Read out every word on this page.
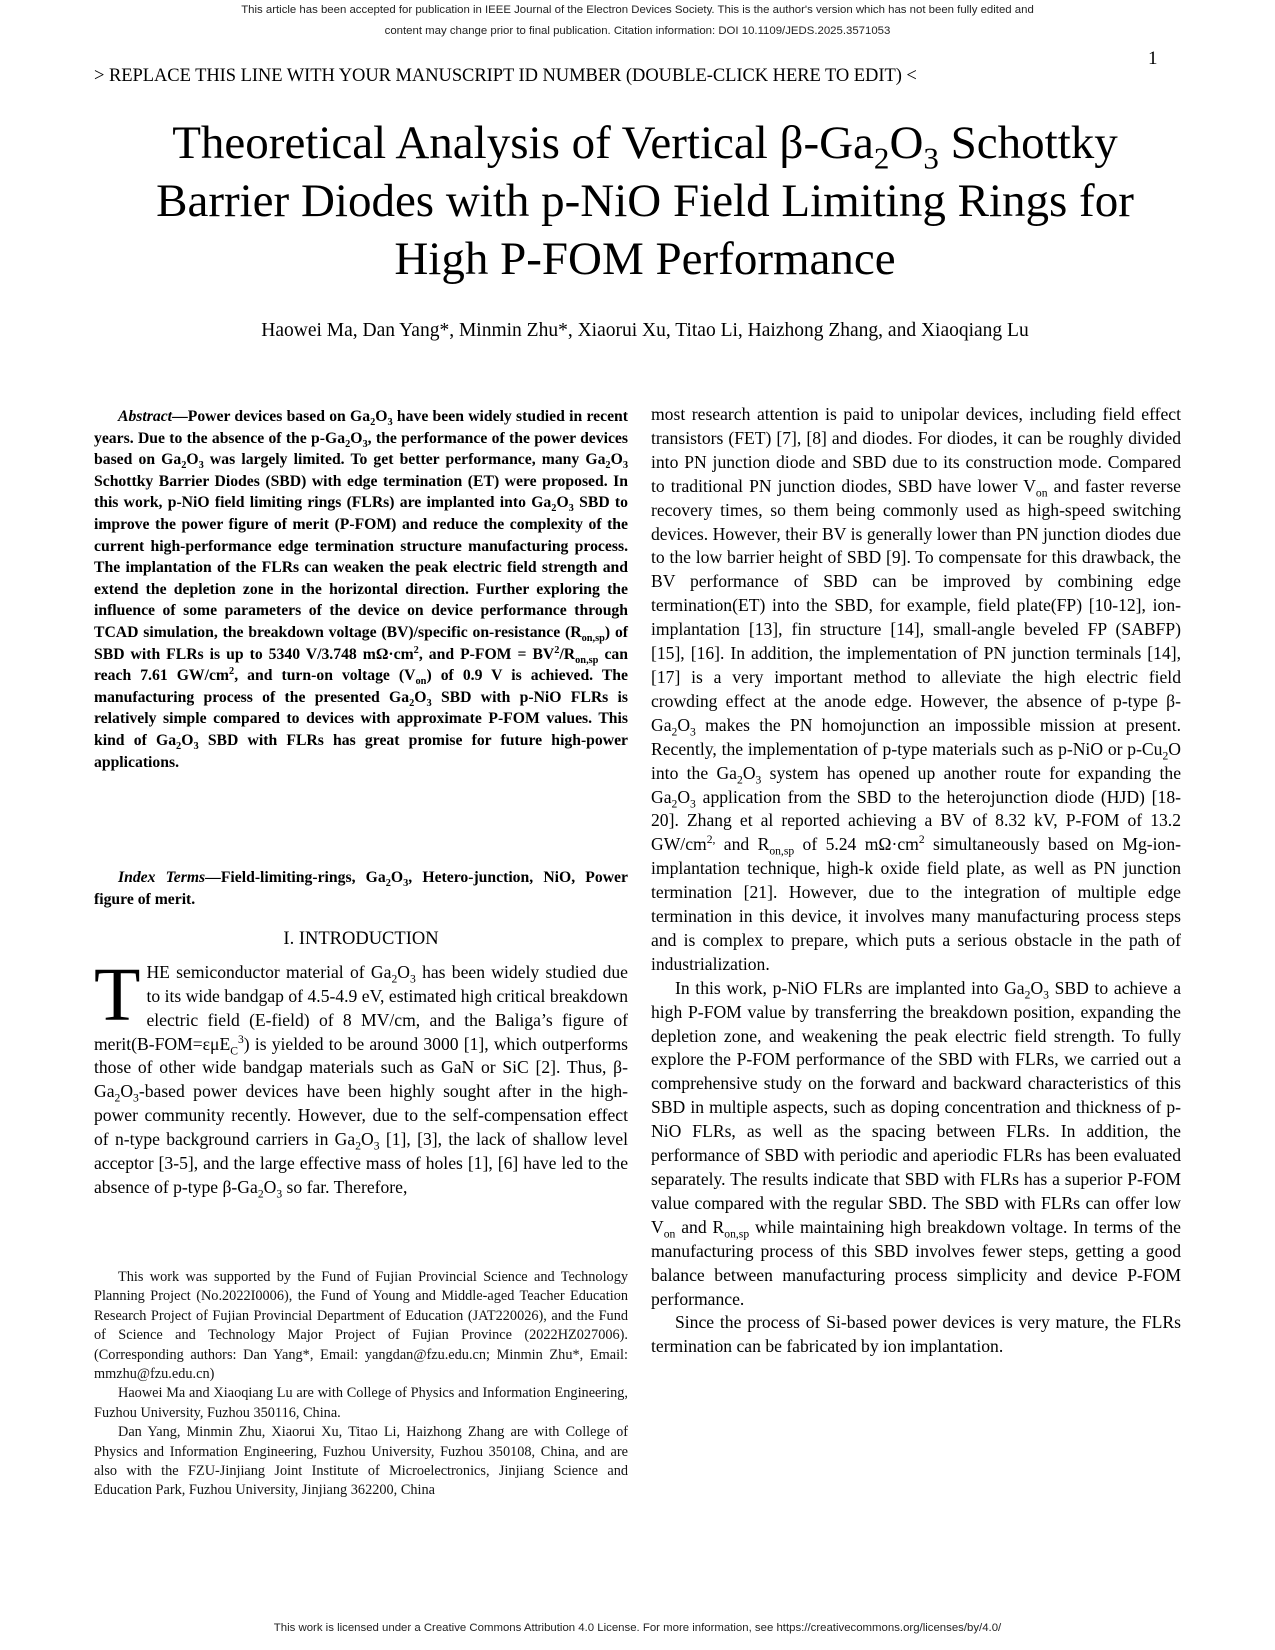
This article has been accepted for publication in IEEE Journal of the Electron Devices Society. This is the author's version which has not been fully edited and
content may change prior to final publication. Citation information: DOI 10.1109/JEDS.2025.3571053
1
> REPLACE THIS LINE WITH YOUR MANUSCRIPT ID NUMBER (DOUBLE-CLICK HERE TO EDIT) <
Theoretical Analysis of Vertical $\beta-Ga_2O_3$ Schottky
Barrier Diodes with p-NiO Field Limiting Rings for
High P-FOM Performance
Haowei Ma, Dan Yang*, Minmin Zhu*, Xiaorui Xu, Titao Li, Haizhong Zhang, and Xiaoqiang Lu

Abstract—Power devices based on $Ga_2O_3$ have been widely studied in recent years. Due to the absence of the $p-Ga_2O_3$, the performance of the power devices based on $Ga_2O_3$ was largely limited. To get better performance, many $Ga_2O_3$ Schottky Barrier Diodes (SBD) with edge termination (ET) were proposed. In this work, p-NiO field limiting rings (FLRs) are implanted into $Ga_2O_3$ SBD to improve the power figure of merit (P-FOM) and reduce the complexity of the current high-performance edge termination structure manufacturing process. The implantation of the FLRs can weaken the peak electric field strength and extend the depletion zone in the horizontal direction. Further exploring the influence of some parameters of the device on device performance through TCAD simulation, the breakdown voltage (BV)/specific on-resistance $(R_{on,sp})$ of SBD with FLRs is up to 5340 V/3.748 $m\Omega\cdot cm^2$, and $P-FOM = BV^2/R_{on,sp}$ can reach 7.61 $GW/cm^2$, and turn-on voltage $(V_{on})$ of 0.9 V is achieved. The manufacturing process of the presented $Ga_2O_3$ SBD with p-NiO FLRs is relatively simple compared to devices with approximate P-FOM values. This kind of $Ga_2O_3$ SBD with FLRs has great promise for future high-power applications.

Index Terms—Field-limiting-rings, $Ga_2O_3$, Hetero-junction, NiO, Power figure of merit.

I. INTRODUCTION

THE semiconductor material of $Ga_2O_3$ has been widely studied due to its wide bandgap of 4.5-4.9 eV, estimated high critical breakdown electric field (E-field) of 8 MV/cm, and the Baliga’s figure of merit(B-FOM=εμE$_C^3$) is yielded to be around 3000 [1], which outperforms those of other wide bandgap materials such as GaN or SiC [2]. Thus, $\beta-Ga_2O_3$-based power devices have been highly sought after in the high-power community recently. However, due to the self-compensation effect of n-type background carriers in $Ga_2O_3$ [1], [3], the lack of shallow level acceptor [3-5], and the large effective mass of holes [1], [6] have led to the absence of p-type $\beta-Ga_2O_3$ so far. Therefore,

This work was supported by the Fund of Fujian Provincial Science and Technology Planning Project (No.2022I0006), the Fund of Young and Middle-aged Teacher Education Research Project of Fujian Provincial Department of Education (JAT220026), and the Fund of Science and Technology Major Project of Fujian Province (2022HZ027006). (Corresponding authors: Dan Yang*, Email: yangdan@fzu.edu.cn; Minmin Zhu*, Email: mmzhu@fzu.edu.cn)

Haowei Ma and Xiaoqiang Lu are with College of Physics and Information Engineering, Fuzhou University, Fuzhou 350116, China.

Dan Yang, Minmin Zhu, Xiaorui Xu, Titao Li, Haizhong Zhang are with College of Physics and Information Engineering, Fuzhou University, Fuzhou 350108, China, and are also with the FZU-Jinjiang Joint Institute of Microelectronics, Jinjiang Science and Education Park, Fuzhou University, Jinjiang 362200, China

most research attention is paid to unipolar devices, including field effect transistors (FET) [7], [8] and diodes. For diodes, it can be roughly divided into PN junction diode and SBD due to its construction mode. Compared to traditional PN junction diodes, SBD have lower $V_{on}$ and faster reverse recovery times, so them being commonly used as high-speed switching devices. However, their BV is generally lower than PN junction diodes due to the low barrier height of SBD [9]. To compensate for this drawback, the BV performance of SBD can be improved by combining edge termination(ET) into the SBD, for example, field plate(FP) [10-12], ion-implantation [13], fin structure [14], small-angle beveled FP (SABFP) [15], [16]. In addition, the implementation of PN junction terminals [14], [17] is a very important method to alleviate the high electric field crowding effect at the anode edge. However, the absence of p-type $\beta-Ga_2O_3$ makes the PN homojunction an impossible mission at present. Recently, the implementation of p-type materials such as p-NiO or $p-Cu_2O$ into the $Ga_2O_3$ system has opened up another route for expanding the $Ga_2O_3$ application from the SBD to the heterojunction diode (HJD) [18-20]. Zhang et al reported achieving a BV of 8.32 kV, P-FOM of 13.2 $GW/cm^{2,}$ and $R_{on,sp}$ of 5.24 $m\Omega\cdot cm^2$ simultaneously based on Mg-ion-implantation technique, high-k oxide field plate, as well as PN junction termination [21]. However, due to the integration of multiple edge termination in this device, it involves many manufacturing process steps and is complex to prepare, which puts a serious obstacle in the path of industrialization.

In this work, p-NiO FLRs are implanted into $Ga_2O_3$ SBD to achieve a high P-FOM value by transferring the breakdown position, expanding the depletion zone, and weakening the peak electric field strength. To fully explore the P-FOM performance of the SBD with FLRs, we carried out a comprehensive study on the forward and backward characteristics of this SBD in multiple aspects, such as doping concentration and thickness of p-NiO FLRs, as well as the spacing between FLRs. In addition, the performance of SBD with periodic and aperiodic FLRs has been evaluated separately. The results indicate that SBD with FLRs has a superior P-FOM value compared with the regular SBD. The SBD with FLRs can offer low $V_{on}$ and $R_{on,sp}$ while maintaining high breakdown voltage. In terms of the manufacturing process of this SBD involves fewer steps, getting a good balance between manufacturing process simplicity and device P-FOM performance.

Since the process of Si-based power devices is very mature, the FLRs termination can be fabricated by ion implantation.

This work is licensed under a Creative Commons Attribution 4.0 License. For more information, see https://creativecommons.org/licenses/by/4.0/
